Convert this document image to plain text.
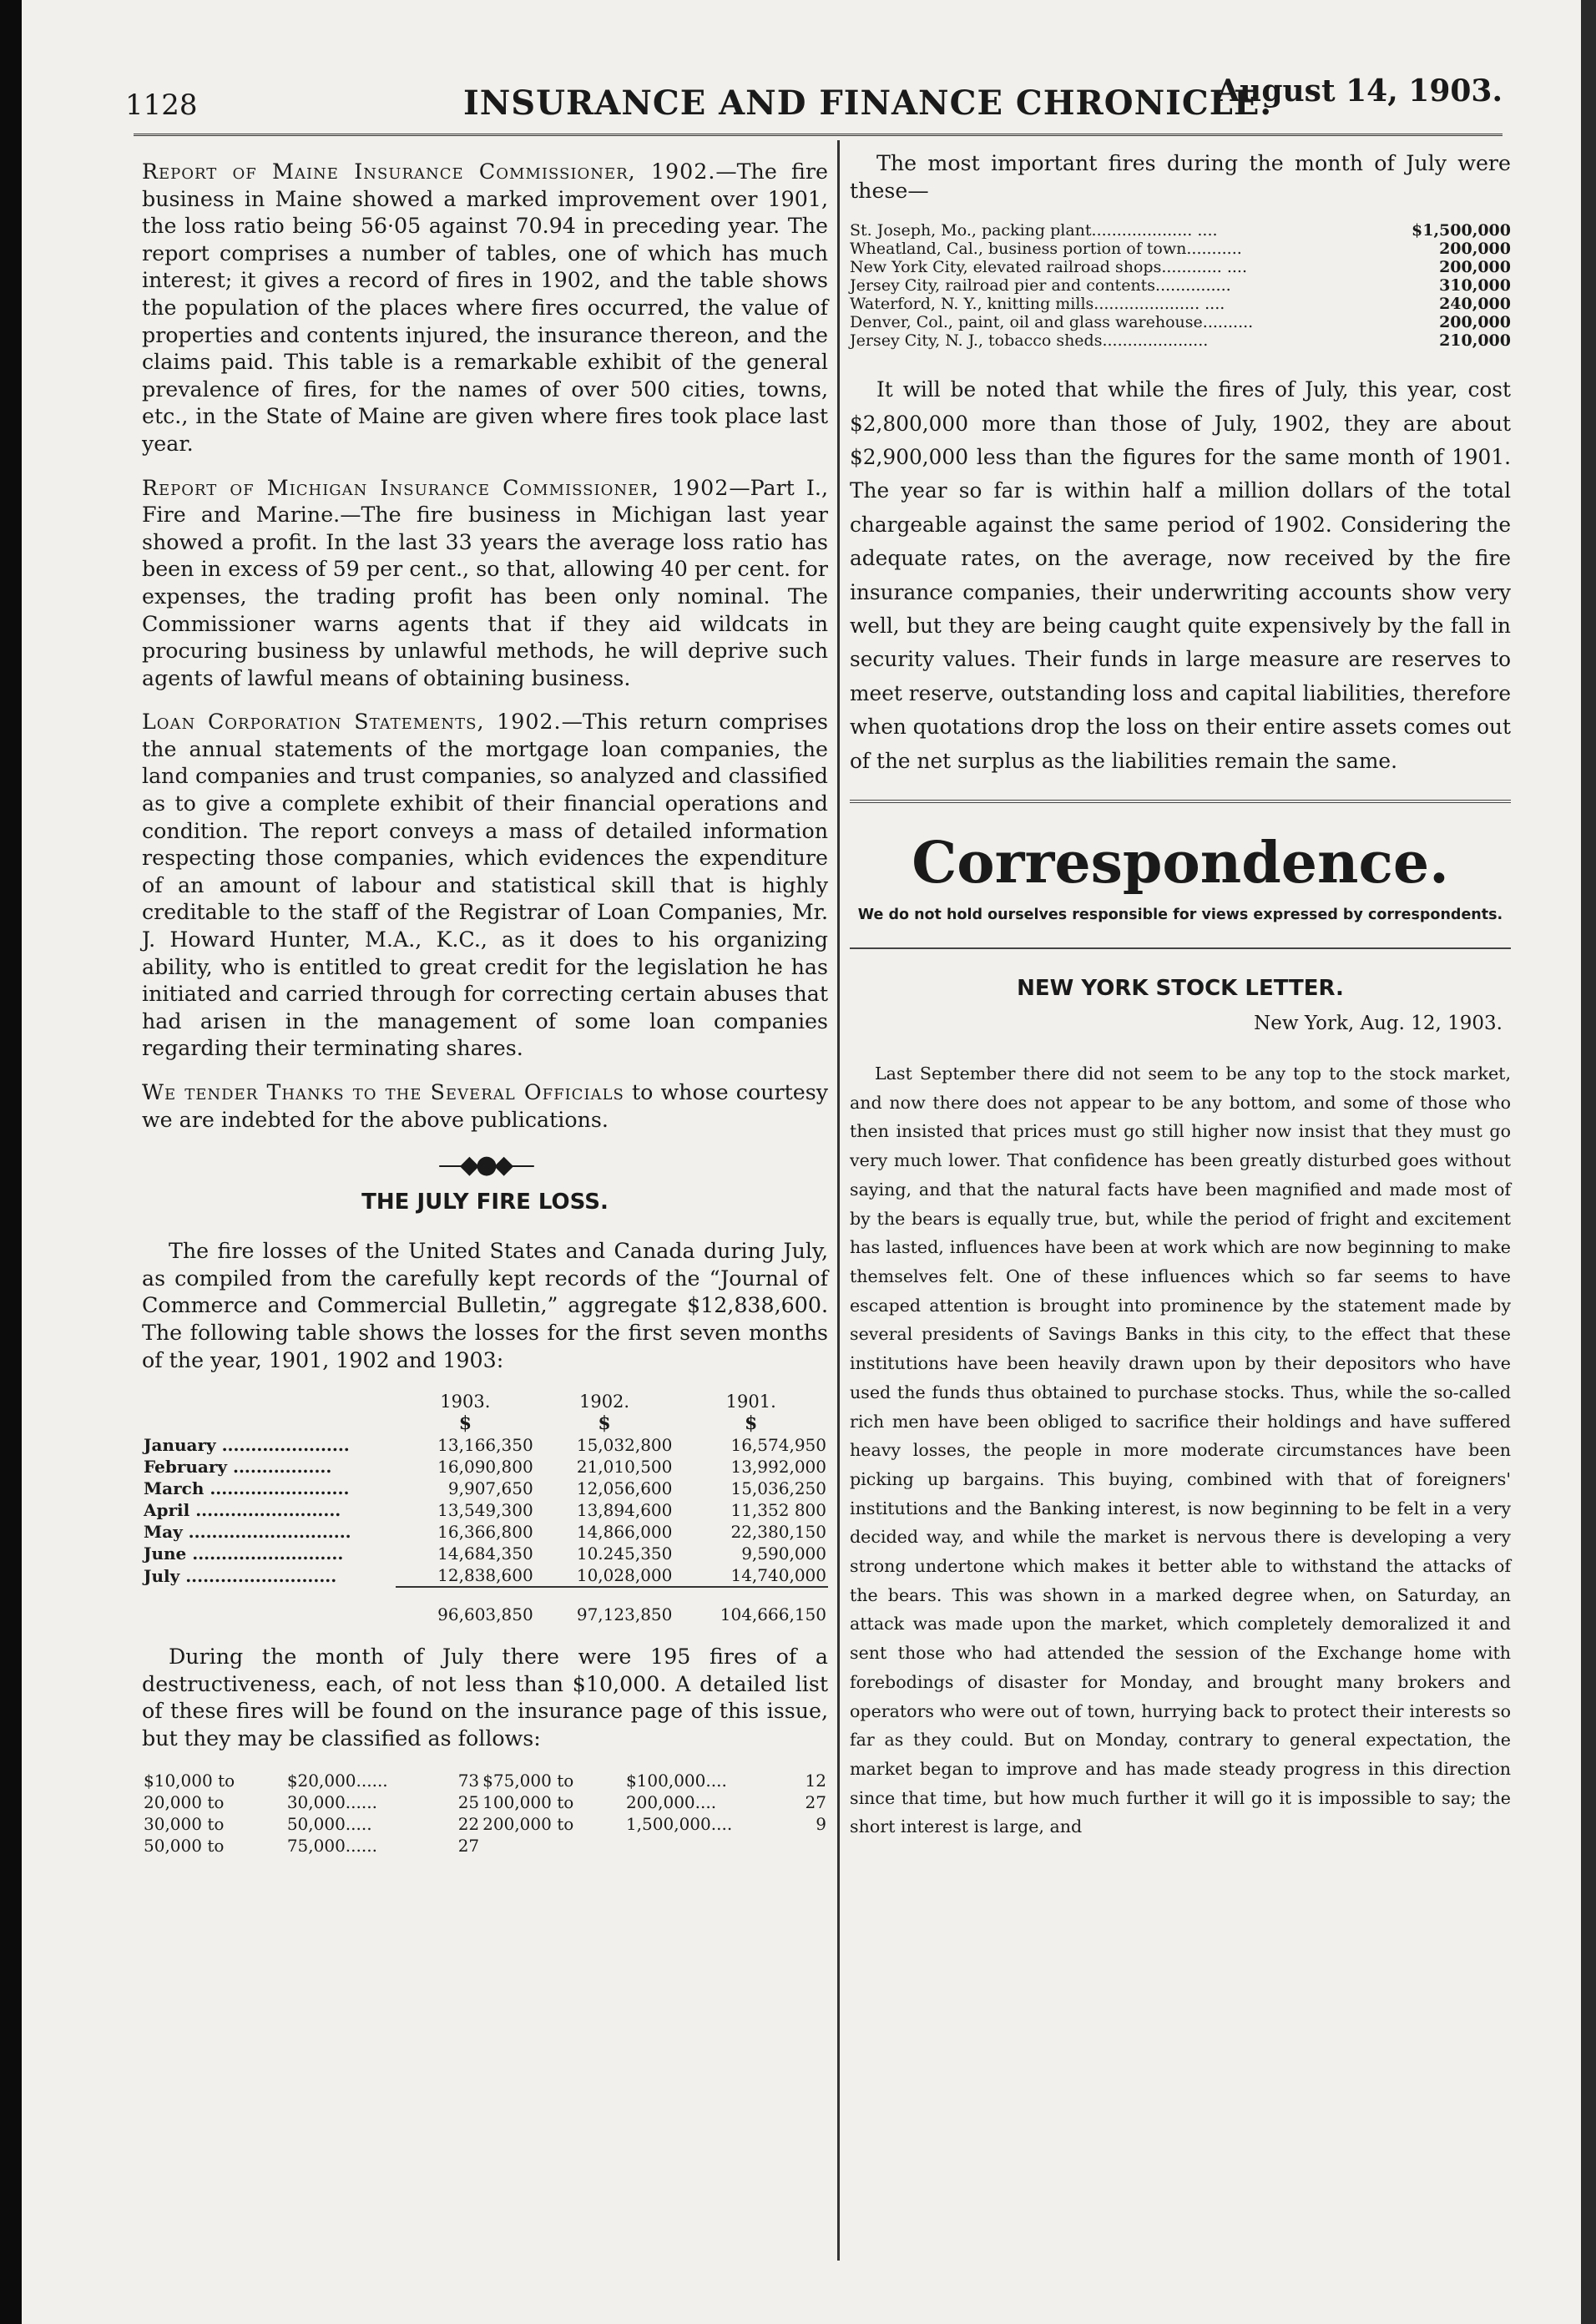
1128	INSURANCE AND FINANCE CHRONICLE.
August 14, 1903.

Report of Maine Insurance Commissioner, 1902.—The fire business in Maine showed a marked improvement over 1901, the loss ratio being 56·05 against 70.94 in preceding year. The report comprises a number of tables, one of which has much interest; it gives a record of fires in 1902, and the table shows the population of the places where fires occurred, the value of properties and contents injured, the insurance thereon, and the claims paid. This table is a remarkable exhibit of the general prevalence of fires, for the names of over 500 cities, towns, etc., in the State of Maine are given where fires took place last year.

Report of Michigan Insurance Commissioner, 1902—Part I., Fire and Marine.—The fire business in Michigan last year showed a profit. In the last 33 years the average loss ratio has been in excess of 59 per cent., so that, allowing 40 per cent. for expenses, the trading profit has been only nominal. The Commissioner warns agents that if they aid wildcats in procuring business by unlawful methods, he will deprive such agents of lawful means of obtaining business.

Loan Corporation Statements, 1902.—This return comprises the annual statements of the mortgage loan companies, the land companies and trust companies, so analyzed and classified as to give a complete exhibit of their financial operations and condition. The report conveys a mass of detailed information respecting those companies, which evidences the expenditure of an amount of labour and statistical skill that is highly creditable to the staff of the Registrar of Loan Companies, Mr. J. Howard Hunter, M.A., K.C., as it does to his organizing ability, who is entitled to great credit for the legislation he has initiated and carried through for correcting certain abuses that had arisen in the management of some loan companies regarding their terminating shares.

We tender Thanks to the Several Officials to whose courtesy we are indebted for the above publications.

—◆●◆—
THE JULY FIRE LOSS.

The fire losses of the United States and Canada during July, as compiled from the carefully kept records of the “Journal of Commerce and Commercial Bulletin,” aggregate $12,838,600. The following table shows the losses for the first seven months of the year, 1901, 1902 and 1903:

	1903.	1902.	1901.
	$	$	$
January ......................	13,166,350	15,032,800	16,574,950
February .................	16,090,800	21,010,500	13,992,000
March ........................	9,907,650	12,056,600	15,036,250
April .........................	13,549,300	13,894,600	11,352 800
May ............................	16,366,800	14,866,000	22,380,150
June ..........................	14,684,350	10.245,350	9,590,000
July ..........................	12,838,600	10,028,000	14,740,000
	96,603,850	97,123,850	104,666,150

During the month of July there were 195 fires of a destructiveness, each, of not less than $10,000. A detailed list of these fires will be found on the insurance page of this issue, but they may be classified as follows:

$10,000 to	$20,000......	73	$75,000 to	$100,000....	12
20,000 to	30,000......	25	100,000 to	200,000....	27
30,000 to	50,000.....	22	200,000 to	1,500,000....	9
50,000 to	75,000......	27			

The most important fires during the month of July were these—

St. Joseph, Mo., packing plant.................... ....	$1,500,000
Wheatland, Cal., business portion of town...........	200,000
New York City, elevated railroad shops............ ....	200,000
Jersey City, railroad pier and contents...............	310,000
Waterford, N. Y., knitting mills..................... ....	240,000
Denver, Col., paint, oil and glass warehouse..........	200,000
Jersey City, N. J., tobacco sheds.....................	210,000

It will be noted that while the fires of July, this year, cost $2,800,000 more than those of July, 1902, they are about $2,900,000 less than the figures for the same month of 1901. The year so far is within half a million dollars of the total chargeable against the same period of 1902. Considering the adequate rates, on the average, now received by the fire insurance companies, their underwriting accounts show very well, but they are being caught quite expensively by the fall in security values. Their funds in large measure are reserves to meet reserve, outstanding loss and capital liabilities, therefore when quotations drop the loss on their entire assets comes out of the net surplus as the liabilities remain the same.

Correspondence.
We do not hold ourselves responsible for views expressed by correspondents.
NEW YORK STOCK LETTER.
New York, Aug. 12, 1903.

Last September there did not seem to be any top to the stock market, and now there does not appear to be any bottom, and some of those who then insisted that prices must go still higher now insist that they must go very much lower. That confidence has been greatly disturbed goes without saying, and that the natural facts have been magnified and made most of by the bears is equally true, but, while the period of fright and excitement has lasted, influences have been at work which are now beginning to make themselves felt. One of these influences which so far seems to have escaped attention is brought into prominence by the statement made by several presidents of Savings Banks in this city, to the effect that these institutions have been heavily drawn upon by their depositors who have used the funds thus obtained to purchase stocks. Thus, while the so-called rich men have been obliged to sacrifice their holdings and have suffered heavy losses, the people in more moderate circumstances have been picking up bargains. This buying, combined with that of foreigners' institutions and the Banking interest, is now beginning to be felt in a very decided way, and while the market is nervous there is developing a very strong undertone which makes it better able to withstand the attacks of the bears. This was shown in a marked degree when, on Saturday, an attack was made upon the market, which completely demoralized it and sent those who had attended the session of the Exchange home with forebodings of disaster for Monday, and brought many brokers and operators who were out of town, hurrying back to protect their interests so far as they could. But on Monday, contrary to general expectation, the market began to improve and has made steady progress in this direction since that time, but how much further it will go it is impossible to say; the short interest is large, and
